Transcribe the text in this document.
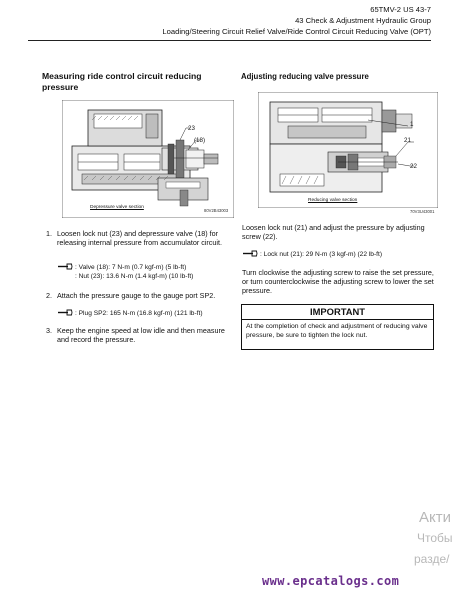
65TMV-2 US 43-7
43 Check & Adjustment Hydraulic Group
Loading/Steering Circuit Relief Valve/Ride Control Circuit Reducing Valve (OPT)
Measuring ride control circuit reducing pressure
23
(18)
Depressure valve section
80V2B43003
1. Loosen lock nut (23) and depressure valve (18) for releasing internal pressure from accumulator circuit.
: Valve (18): 7 N-m (0.7 kgf-m) (5 lb-ft)
: Nut (23): 13.6 N-m (1.4 kgf-m) (10 lb-ft)
2. Attach the pressure gauge to the gauge port SP2.
: Plug SP2: 165 N-m (16.8 kgf-m) (121 lb-ft)
3. Keep the engine speed at low idle and then measure and record the pressure.
Adjusting reducing valve pressure
1
21
22
Reducing valve section
70V3U43001
Loosen lock nut (21) and adjust the pressure by adjusting screw (22).
: Lock nut (21): 29 N-m (3 kgf-m) (22 lb-ft)
Turn clockwise the adjusting screw to raise the set pressure, or turn counterclockwise the adjusting screw to lower the set pressure.
IMPORTANT
At the completion of check and adjustment of reducing valve pressure, be sure to tighten the lock nut.
Акти
Чтобы
разде/
www.epcatalogs.com
